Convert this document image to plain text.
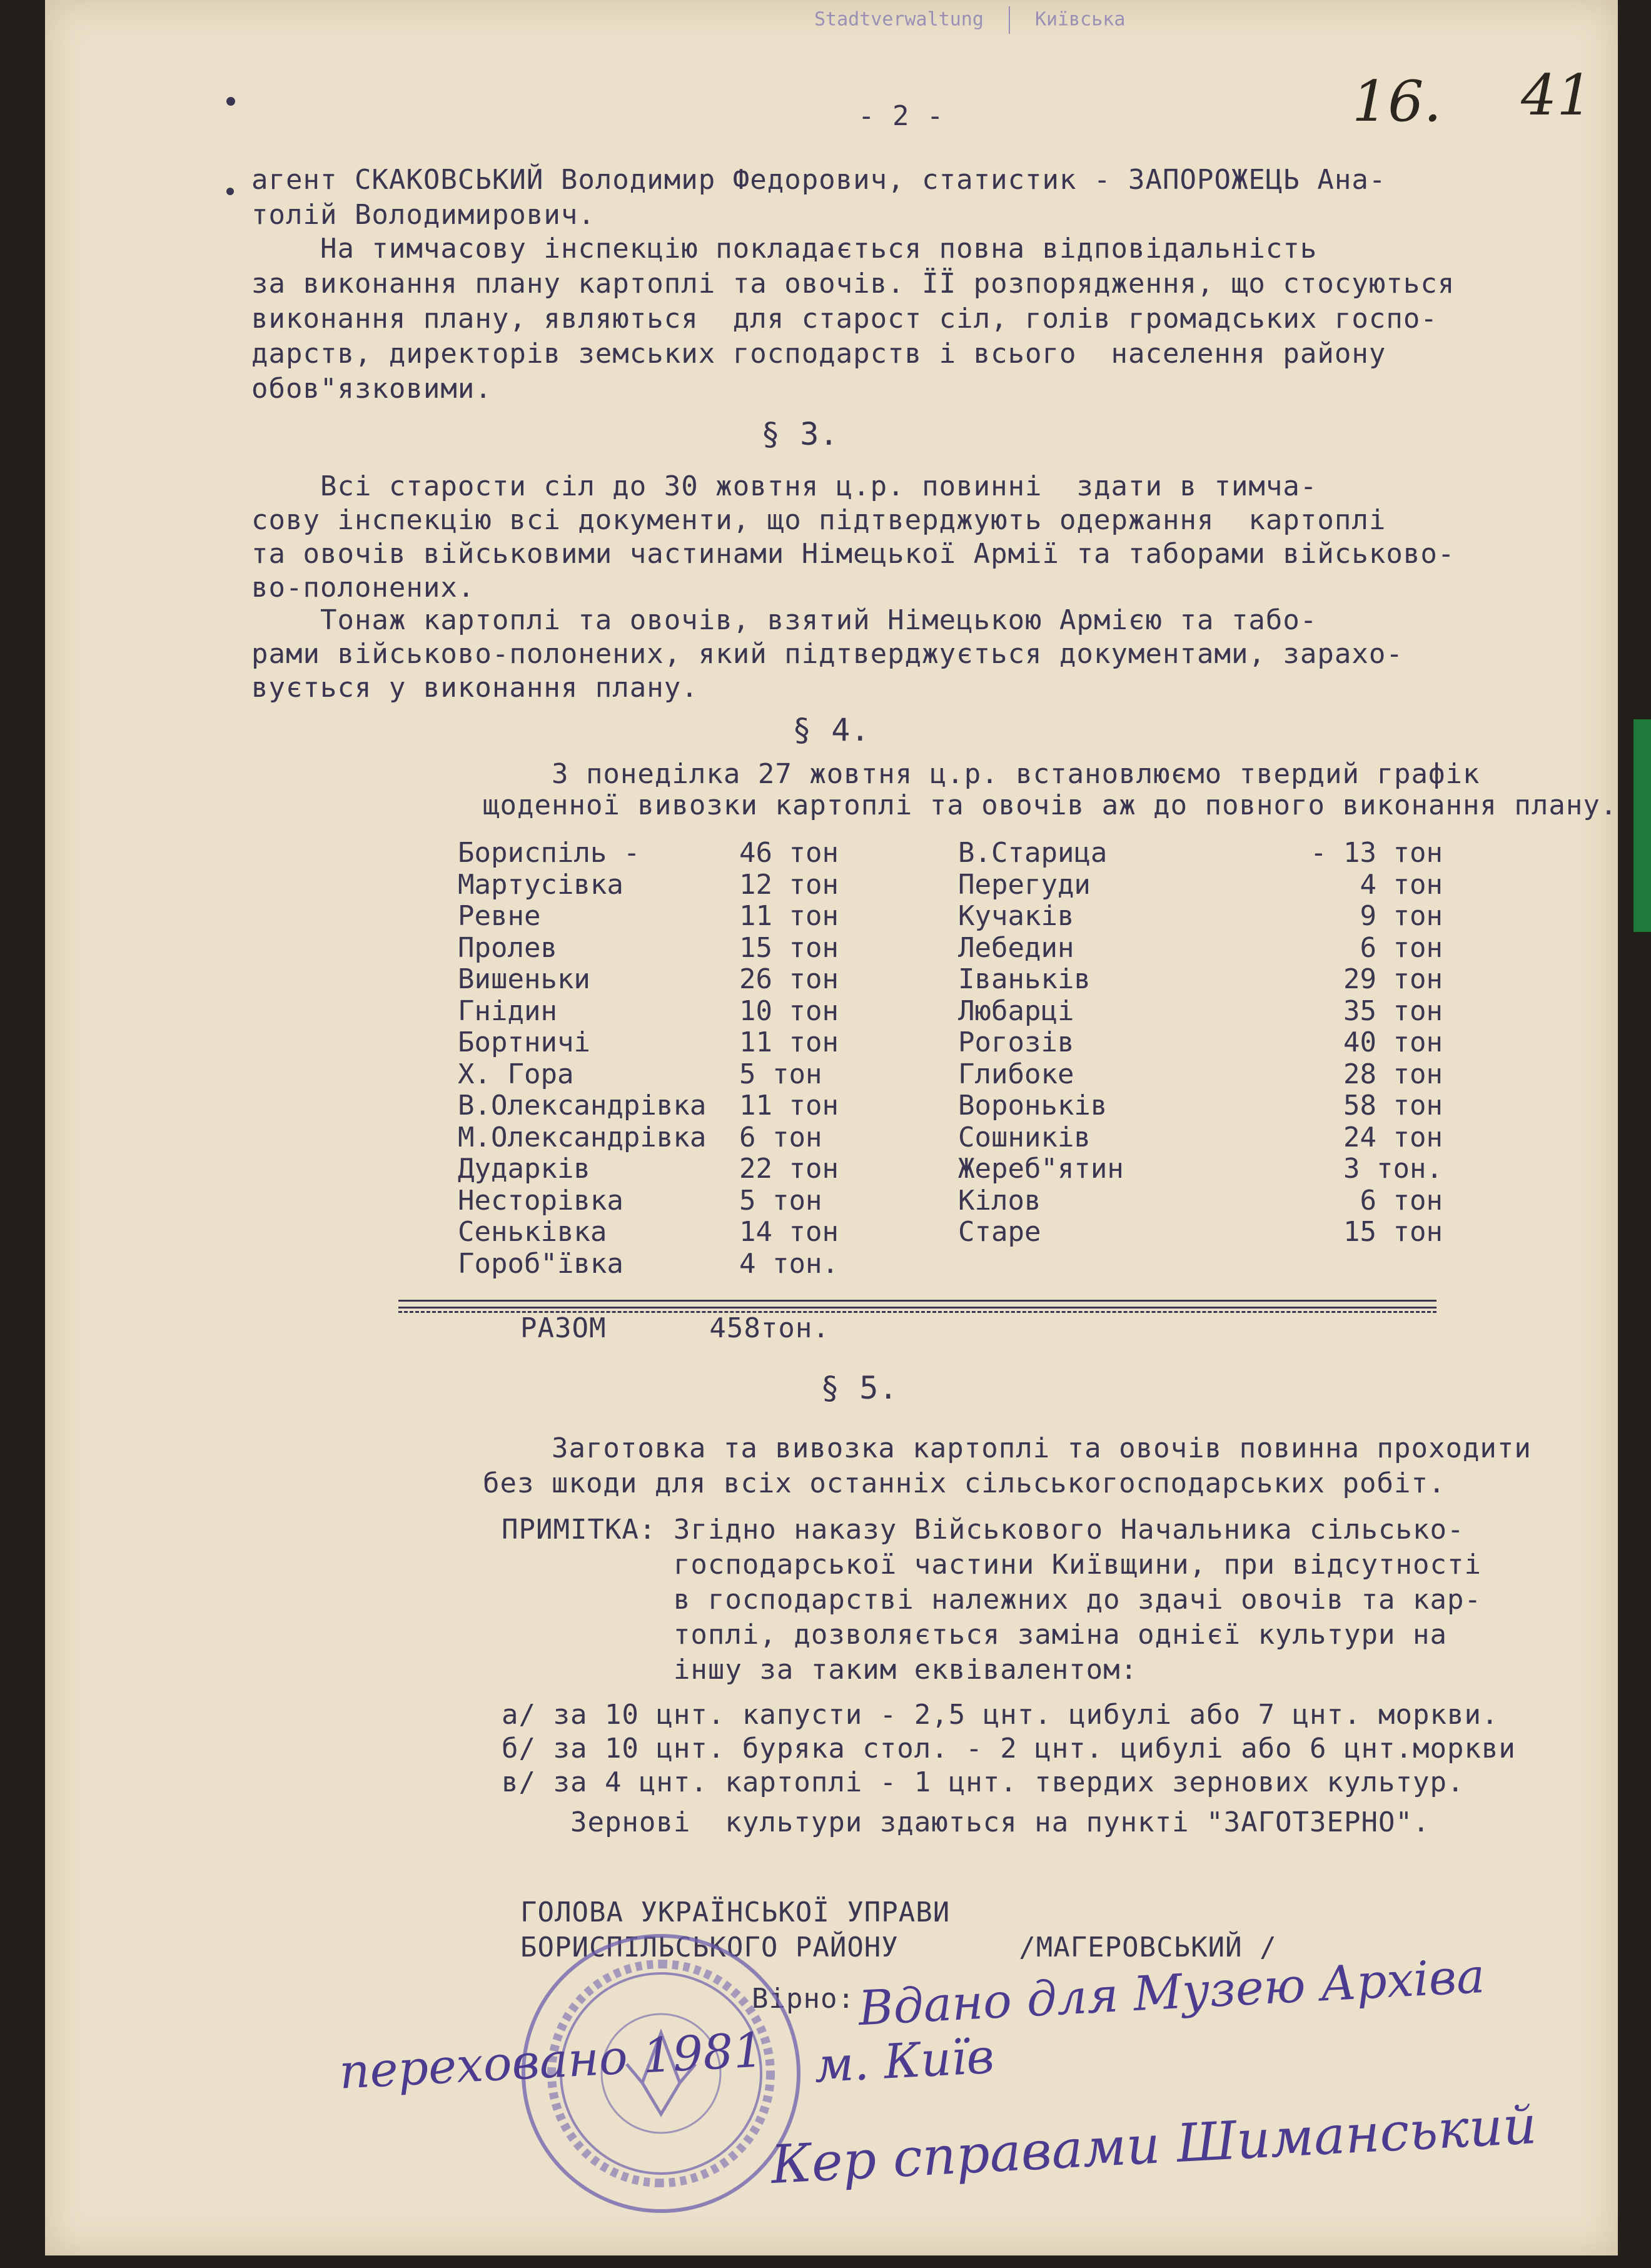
Stadtverwaltung	Київська
16. 41
- 2 -
агент СКАКОВСЬКИЙ Володимир Федорович, статистик - ЗАПОРОЖЕЦЬ Ана-
толій Володимирович.
На тимчасову інспекцію покладається повна відповідальність
за виконання плану картоплі та овочів. ЇЇ розпорядження, що стосуються
виконання плану, являються  для старост сіл, голів громадських госпо-
дарств, директорів земських господарств і всього  населення району
обов"язковими.
§ 3.
Всі старости сіл до 30 жовтня ц.р. повинні  здати в тимча-
сову інспекцію всі документи, що підтверджують одержання  картоплі
та овочів військовими частинами Німецької Армії та таборами військово-
во-полонених.
Тонаж картоплі та овочів, взятий Німецькою Армією та табо-
рами військово-полонених, який підтверджується документами, зарахо-
вується у виконання плану.
§ 4.
З понеділка 27 жовтня ц.р. встановлюємо твердий графік
щоденної вивозки картоплі та овочів аж до повного виконання плану.
Бориспіль -
Мартусівка
Ревне
Пролев
Вишеньки
Гнідин
Бортничі
Х. Гора
В.Олександрівка
М.Олександрівка
Дударків
Несторівка
Сеньківка
Гороб"ївка
46 тон
12 тон
11 тон
15 тон
26 тон
10 тон
11 тон
5 тон
11 тон
6 тон
22 тон
5 тон
14 тон
4 тон.
В.Старица
Перегуди
Кучаків
Лебедин
Іваньків
Любарці
Рогозів
Глибоке
Вороньків
Сошників
Жереб"ятин
Кілов
Старе
- 13 тон
4 тон
9 тон
6 тон
29 тон
35 тон
40 тон
28 тон
58 тон
24 тон
3 тон.
6 тон
15 тон
РАЗОМ      458тон.
§ 5.
Заготовка та вивозка картоплі та овочів повинна проходити
без шкоди для всіх останніх сільськогосподарських робіт.
ПРИМІТКА: Згідно наказу Військового Начальника сільсько-
господарської частини Київщини, при відсутності
в господарстві належних до здачі овочів та кар-
топлі, дозволяється заміна однієї культури на
іншу за таким еквівалентом:
а/ за 10 цнт. капусти - 2,5 цнт. цибулі або 7 цнт. моркви.
б/ за 10 цнт. буряка стол. - 2 цнт. цибулі або 6 цнт.моркви
в/ за 4 цнт. картоплі - 1 цнт. твердих зернових культур.
Зернові  культури здаються на пункті "ЗАГОТЗЕРНО".
ГОЛОВА УКРАЇНСЬКОЇ УПРАВИ
БОРИСПІЛЬСЬКОГО РАЙОНУ       /МАГЕРОВСЬКИЙ /
Вірно: Вдано для Музею Архіва
м. Київ
переховано 1981
Кер справами Шиманський
